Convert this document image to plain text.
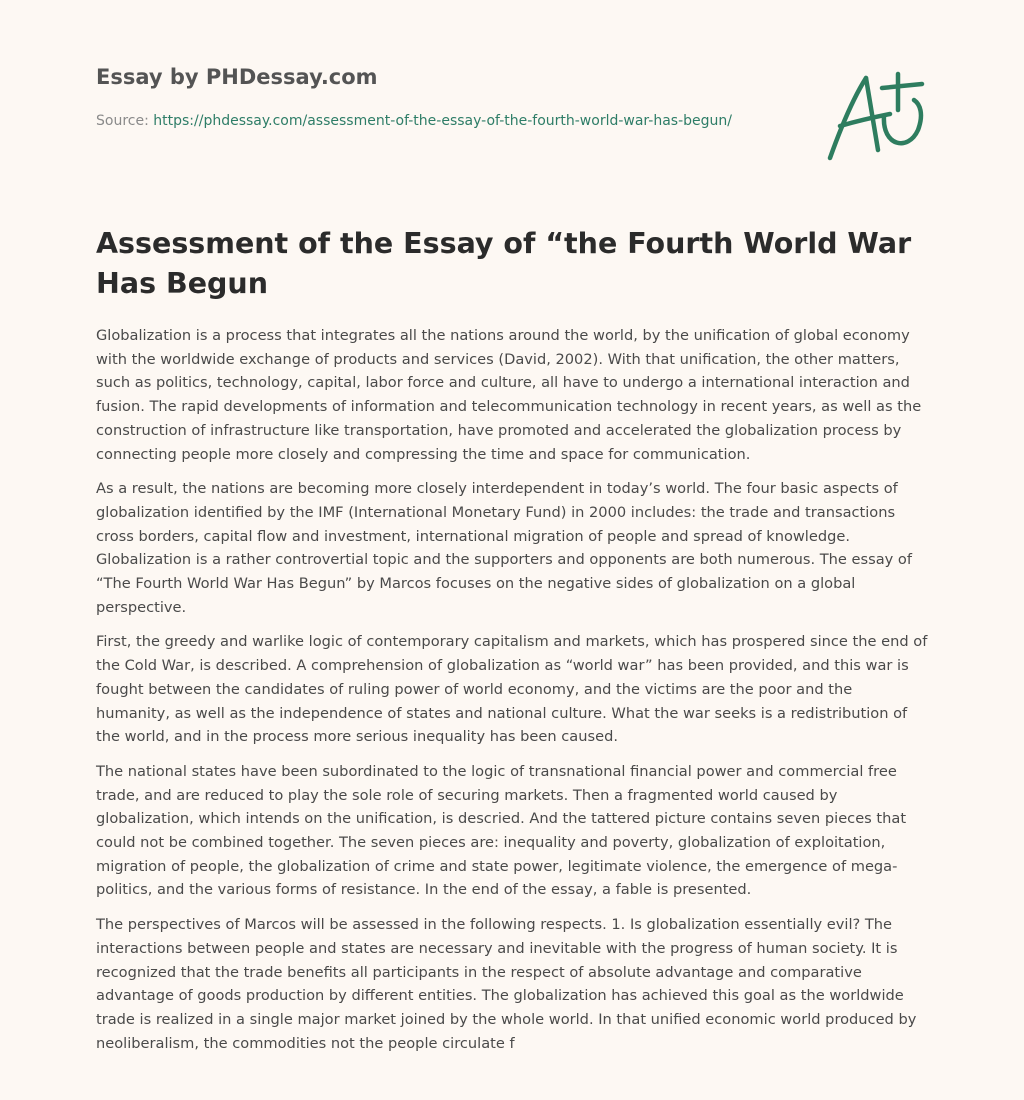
Essay by PHDessay.com
Source: https://phdessay.com/assessment-of-the-essay-of-the-fourth-world-war-has-begun/
Assessment of the Essay of “the Fourth World War Has Begun

Globalization is a process that integrates all the nations around the world, by the unification of global economy with the worldwide exchange of products and services (David, 2002). With that unification, the other matters, such as politics, technology, capital, labor force and culture, all have to undergo a international interaction and fusion. The rapid developments of information and telecommunication technology in recent years, as well as the construction of infrastructure like transportation, have promoted and accelerated the globalization process by connecting people more closely and compressing the time and space for communication.

As a result, the nations are becoming more closely interdependent in today’s world. The four basic aspects of globalization identified by the IMF (International Monetary Fund) in 2000 includes: the trade and transactions cross borders, capital flow and investment, international migration of people and spread of knowledge. Globalization is a rather controvertial topic and the supporters and opponents are both numerous. The essay of “The Fourth World War Has Begun” by Marcos focuses on the negative sides of globalization on a global perspective.

First, the greedy and warlike logic of contemporary capitalism and markets, which has prospered since the end of the Cold War, is described. A comprehension of globalization as “world war” has been provided, and this war is fought between the candidates of ruling power of world economy, and the victims are the poor and the humanity, as well as the independence of states and national culture. What the war seeks is a redistribution of the world, and in the process more serious inequality has been caused.

The national states have been subordinated to the logic of transnational financial power and commercial free trade, and are reduced to play the sole role of securing markets. Then a fragmented world caused by globalization, which intends on the unification, is descried. And the tattered picture contains seven pieces that could not be combined together. The seven pieces are: inequality and poverty, globalization of exploitation, migration of people, the globalization of crime and state power, legitimate violence, the emergence of mega-politics, and the various forms of resistance. In the end of the essay, a fable is presented.

The perspectives of Marcos will be assessed in the following respects. 1. Is globalization essentially evil? The interactions between people and states are necessary and inevitable with the progress of human society. It is recognized that the trade benefits all participants in the respect of absolute advantage and comparative advantage of goods production by different entities. The globalization has achieved this goal as the worldwide trade is realized in a single major market joined by the whole world. In that unified economic world produced by neoliberalism, the commodities not the people circulate f
